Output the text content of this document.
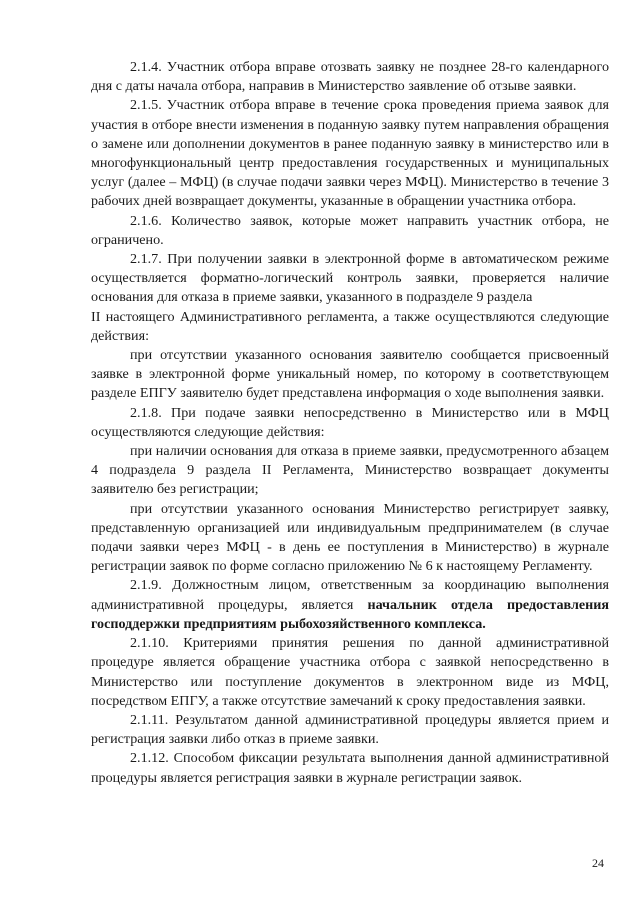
2.1.4. Участник отбора вправе отозвать заявку не позднее 28-го календарного дня с даты начала отбора, направив в Министерство заявление об отзыве заявки.

2.1.5. Участник отбора вправе в течение срока проведения приема заявок для участия в отборе внести изменения в поданную заявку путем направления обращения о замене или дополнении документов в ранее поданную заявку в министерство или в многофункциональный центр предоставления государственных и муниципальных услуг (далее – МФЦ) (в случае подачи заявки через МФЦ). Министерство в течение 3 рабочих дней возвращает документы, указанные в обращении участника отбора.

2.1.6. Количество заявок, которые может направить участник отбора, не ограничено.

2.1.7. При получении заявки в электронной форме в автоматическом режиме осуществляется форматно-логический контроль заявки, проверяется наличие основания для отказа в приеме заявки, указанного в подразделе 9 раздела

II настоящего Административного регламента, а также осуществляются следующие действия:

при отсутствии указанного основания заявителю сообщается присвоенный заявке в электронной форме уникальный номер, по которому в соответствующем разделе ЕПГУ заявителю будет представлена информация о ходе выполнения заявки.

2.1.8. При подаче заявки непосредственно в Министерство или в МФЦ осуществляются следующие действия:

при наличии основания для отказа в приеме заявки, предусмотренного абзацем 4 подраздела 9 раздела II Регламента, Министерство возвращает документы заявителю без регистрации;

при отсутствии указанного основания Министерство регистрирует заявку, представленную организацией или индивидуальным предпринимателем (в случае подачи заявки через МФЦ - в день ее поступления в Министерство) в журнале регистрации заявок по форме согласно приложению № 6 к настоящему Регламенту.

2.1.9. Должностным лицом, ответственным за координацию выполнения административной процедуры, является начальник отдела предоставления господдержки предприятиям рыбохозяйственного комплекса.

2.1.10. Критериями принятия решения по данной административной процедуре является обращение участника отбора с заявкой непосредственно в Министерство или поступление документов в электронном виде из МФЦ, посредством ЕПГУ, а также отсутствие замечаний к сроку предоставления заявки.

2.1.11. Результатом данной административной процедуры является прием и регистрация заявки либо отказ в приеме заявки.

2.1.12. Способом фиксации результата выполнения данной административной процедуры является регистрация заявки в журнале регистрации заявок.

24
